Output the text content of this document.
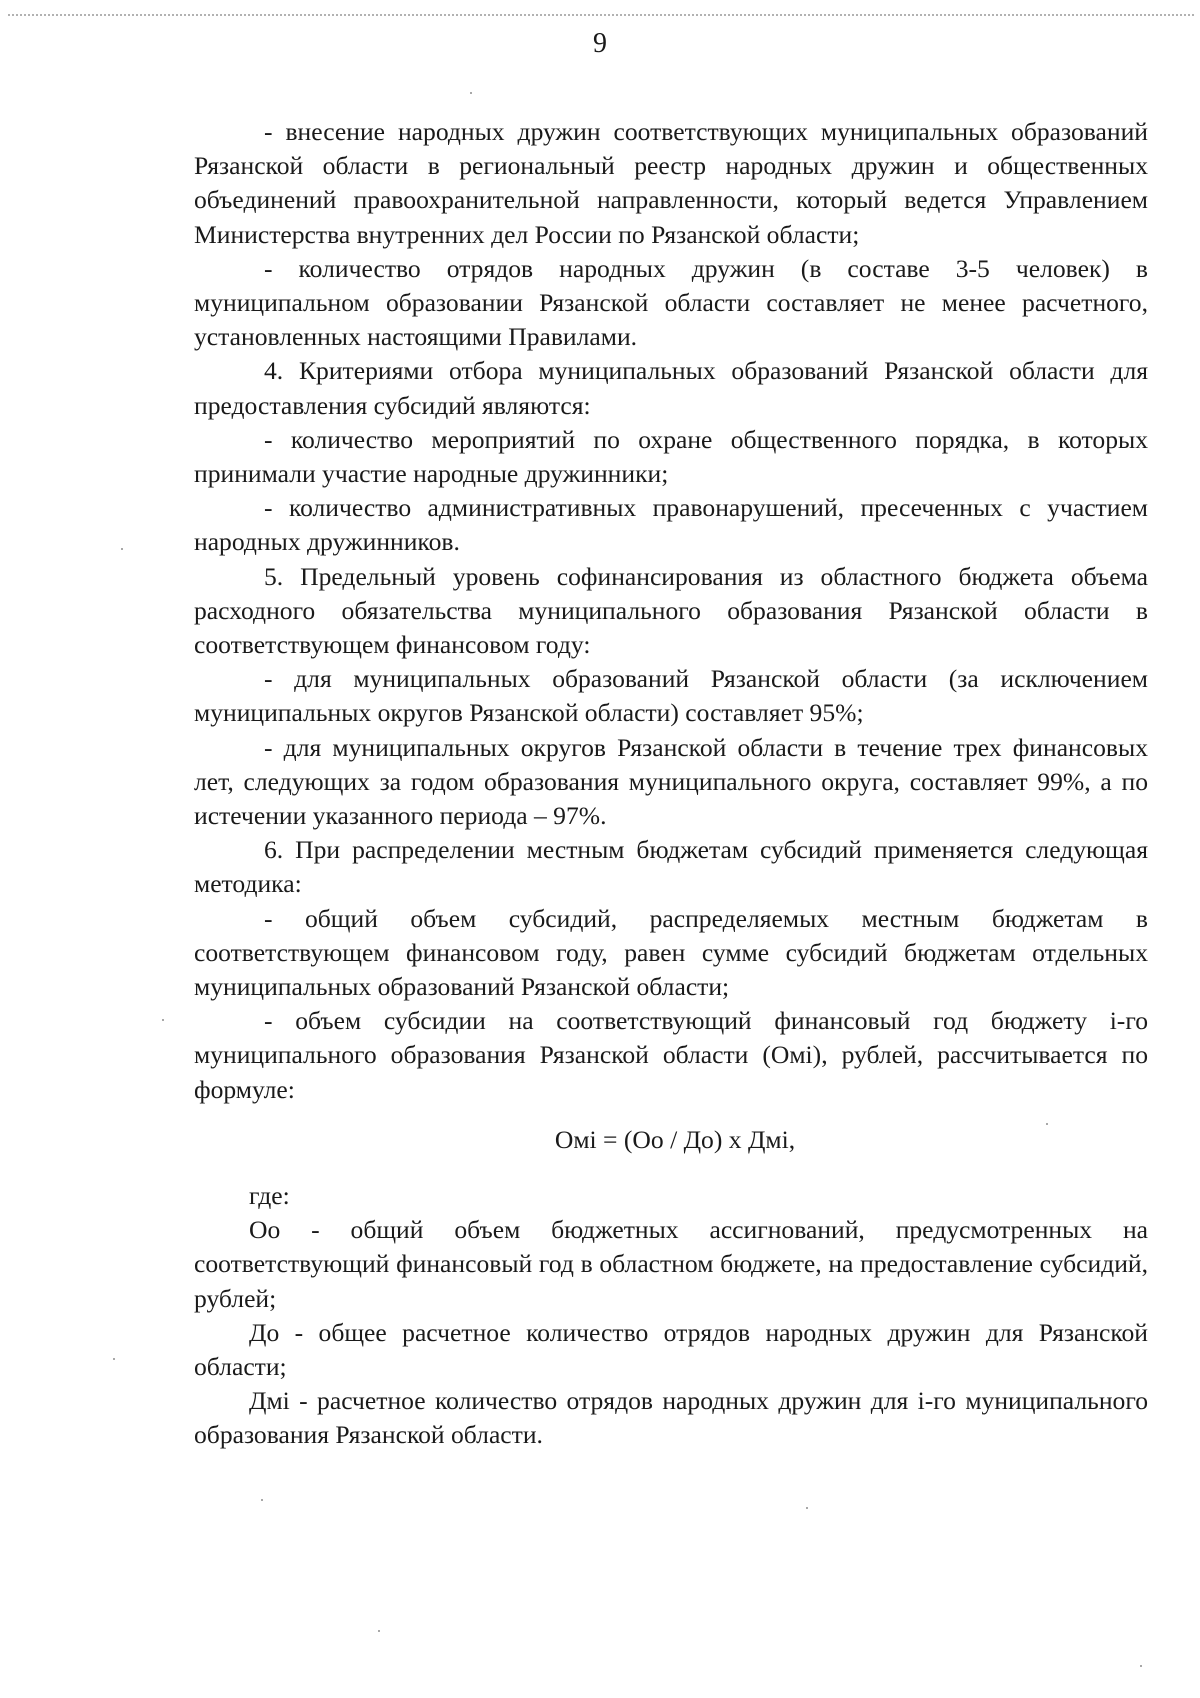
9

- внесение народных дружин соответствующих муниципальных образований Рязанской области в региональный реестр народных дружин и общественных объединений правоохранительной направленности, который ведется Управлением Министерства внутренних дел России по Рязанской области;

- количество отрядов народных дружин (в составе 3-5 человек) в муниципальном образовании Рязанской области составляет не менее расчетного, установленных настоящими Правилами.

4. Критериями отбора муниципальных образований Рязанской области для предоставления субсидий являются:

- количество мероприятий по охране общественного порядка, в которых принимали участие народные дружинники;

- количество административных правонарушений, пресеченных с участием народных дружинников.

5. Предельный уровень софинансирования из областного бюджета объема расходного обязательства муниципального образования Рязанской области в соответствующем финансовом году:

- для муниципальных образований Рязанской области (за исключением муниципальных округов Рязанской области) составляет 95%;

- для муниципальных округов Рязанской области в течение трех финансовых лет, следующих за годом образования муниципального округа, составляет 99%, а по истечении указанного периода – 97%.

6. При распределении местным бюджетам субсидий применяется следующая методика:

- общий объем субсидий, распределяемых местным бюджетам в соответствующем финансовом году, равен сумме субсидий бюджетам отдельных муниципальных образований Рязанской области;

- объем субсидии на соответствующий финансовый год бюджету i-го муниципального образования Рязанской области (Омi), рублей, рассчитывается по формуле:

Омi = (Оо / До) х Дмi,

где:

Оо - общий объем бюджетных ассигнований, предусмотренных на соответствующий финансовый год в областном бюджете, на предоставление субсидий, рублей;

До - общее расчетное количество отрядов народных дружин для Рязанской области;

Дмi - расчетное количество отрядов народных дружин для i-го муниципального образования Рязанской области.
